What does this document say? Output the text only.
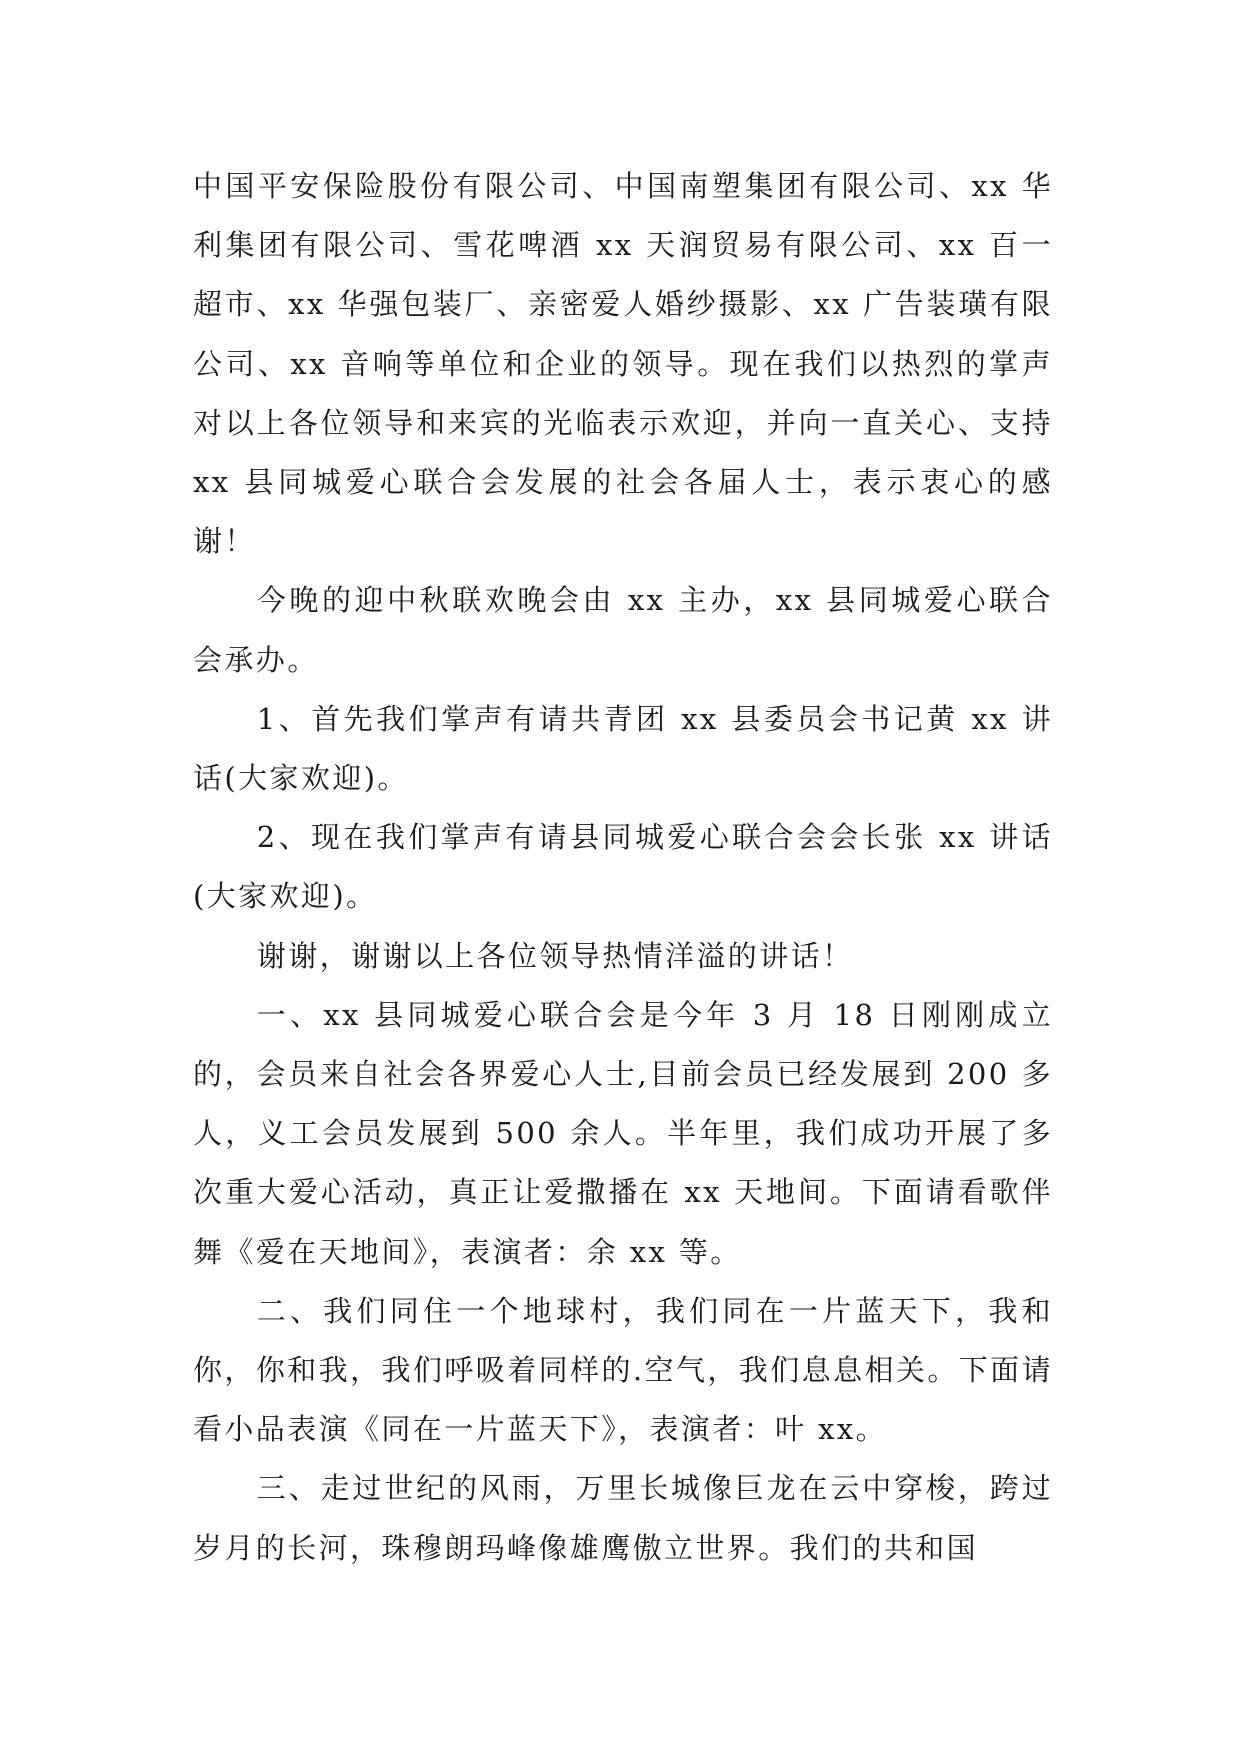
中国平安保险股份有限公司、中国南塑集团有限公司、xx 华利集团有限公司、雪花啤酒 xx 天润贸易有限公司、xx 百一超市、xx 华强包装厂、亲密爱人婚纱摄影、xx 广告装璜有限公司、xx 音响等单位和企业的领导。现在我们以热烈的掌声对以上各位领导和来宾的光临表示欢迎，并向一直关心、支持 xx 县同城爱心联合会发展的社会各届人士，表示衷心的感谢！

今晚的迎中秋联欢晚会由 xx 主办，xx 县同城爱心联合会承办。

1、首先我们掌声有请共青团 xx 县委员会书记黄 xx 讲话(大家欢迎)。

2、现在我们掌声有请县同城爱心联合会会长张 xx 讲话(大家欢迎)。

谢谢，谢谢以上各位领导热情洋溢的讲话！

一、xx 县同城爱心联合会是今年 3 月 18 日刚刚成立的，会员来自社会各界爱心人士,目前会员已经发展到 200 多人，义工会员发展到 500 余人。半年里，我们成功开展了多次重大爱心活动，真正让爱撒播在 xx 天地间。下面请看歌伴舞《爱在天地间》，表演者：余 xx 等。

二、我们同住一个地球村，我们同在一片蓝天下，我和你，你和我，我们呼吸着同样的.空气，我们息息相关。下面请看小品表演《同在一片蓝天下》，表演者：叶 xx。

三、走过世纪的风雨，万里长城像巨龙在云中穿梭，跨过岁月的长河，珠穆朗玛峰像雄鹰傲立世界。我们的共和国
